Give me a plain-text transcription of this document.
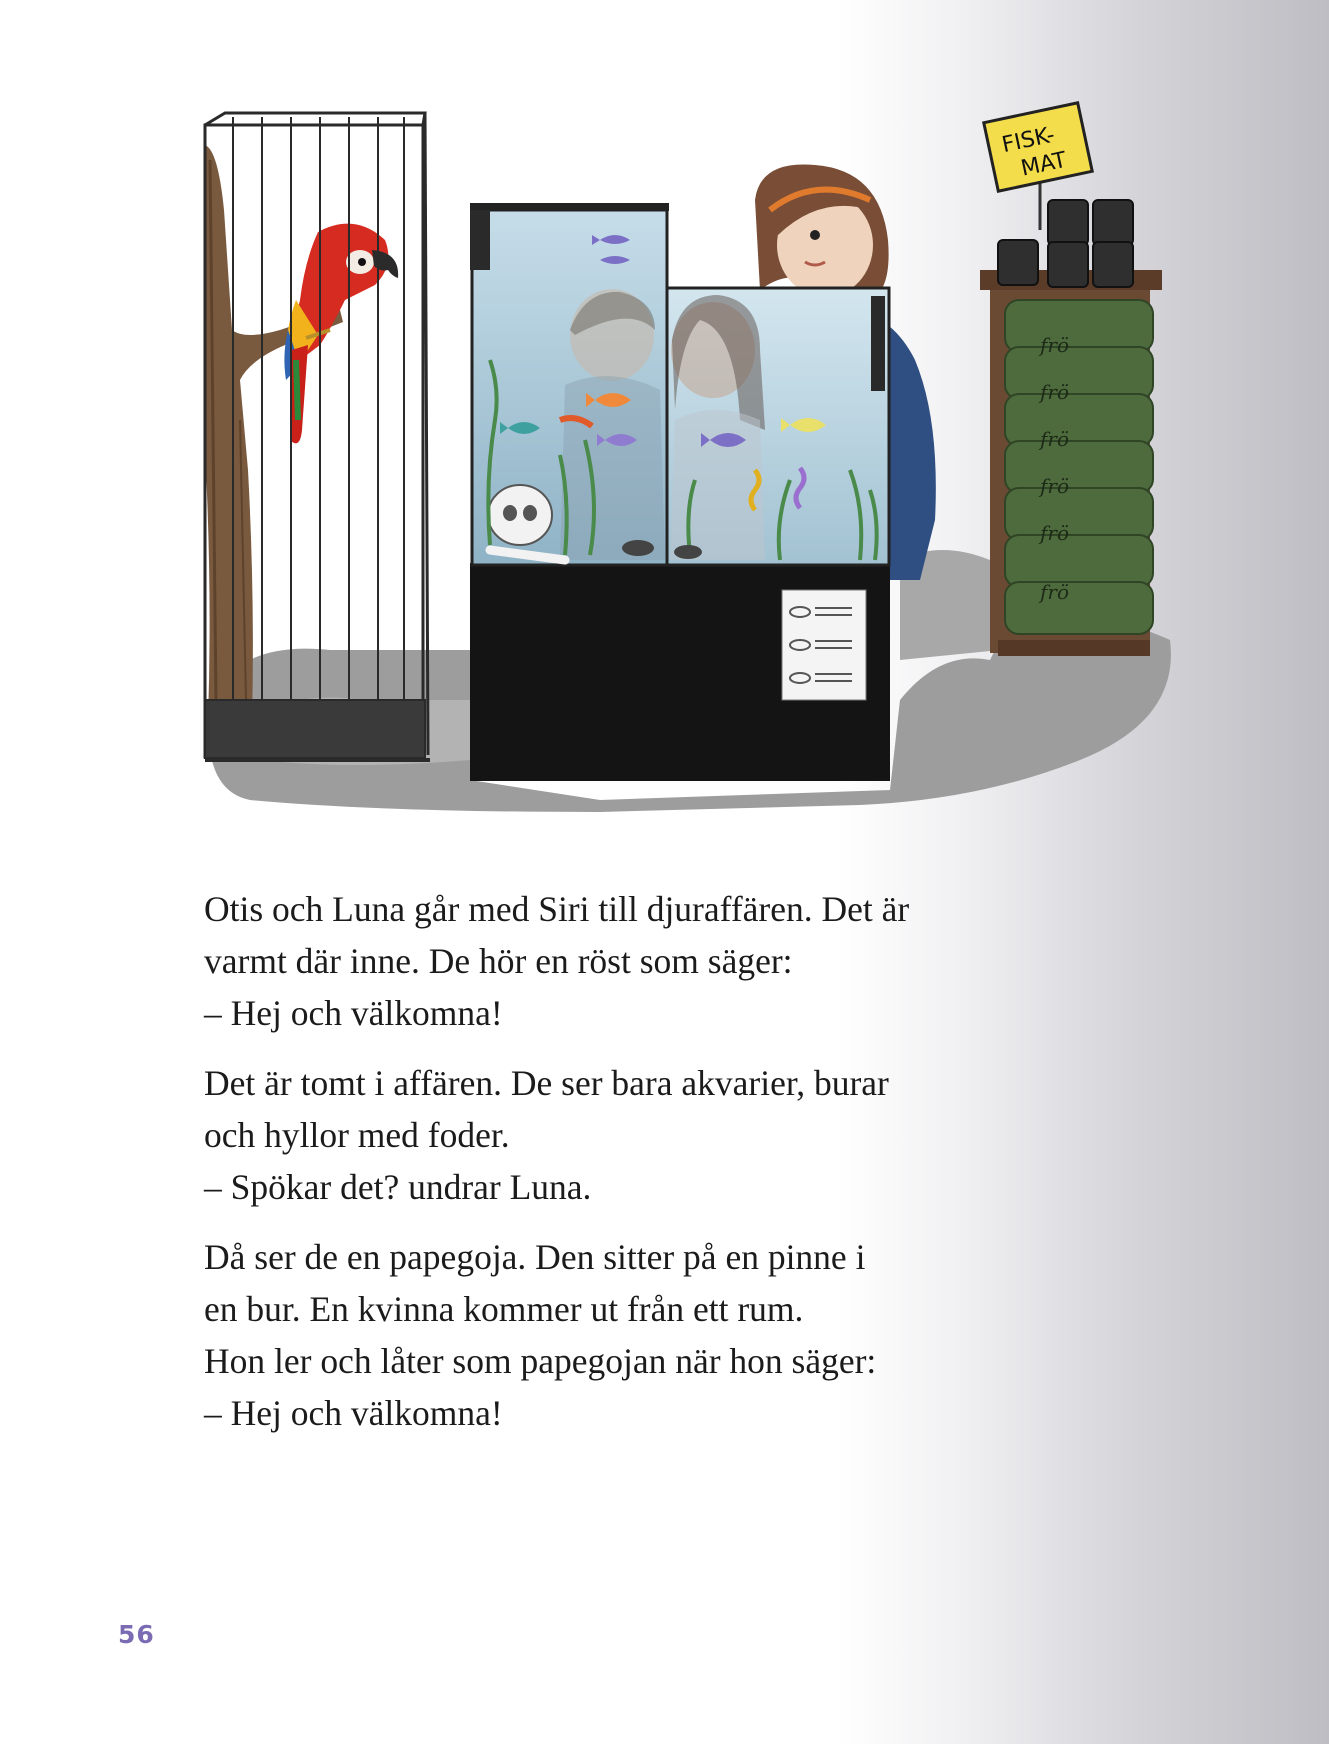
FISK-
MAT
frö
frö
frö
frö
frö
frö

Otis och Luna går med Siri till djuraffären. Det är
varmt där inne. De hör en röst som säger:
– Hej och välkomna!

Det är tomt i affären. De ser bara akvarier, burar
och hyllor med foder.
– Spökar det? undrar Luna.

Då ser de en papegoja. Den sitter på en pinne i
en bur. En kvinna kommer ut från ett rum.
Hon ler och låter som papegojan när hon säger:
– Hej och välkomna!

56
